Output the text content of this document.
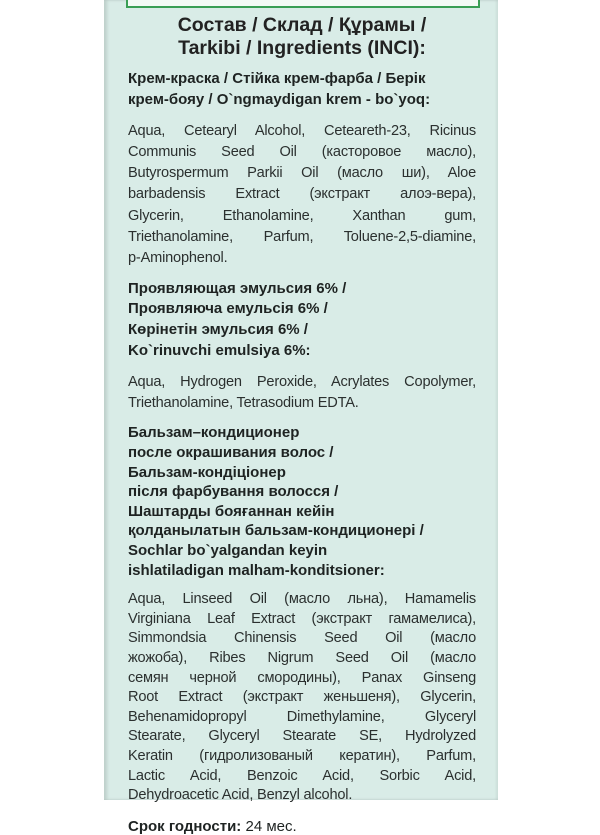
Состав / Склад / Құрамы /
Tarkibi / Ingredients (INCI):
Крем-краска / Стійка крем-фарба / Берік
крем-бояу / O`ngmaydigan krem - bo`yoq:
Aqua, Cetearyl Alcohol, Ceteareth-23, Ricinus
Communis Seed Oil (касторовое масло),
Butyrospermum Parkii Oil (масло ши), Aloe
barbadensis Extract (экстракт алоэ-вера),
Glycerin, Ethanolamine, Xanthan gum,
Triethanolamine, Parfum, Toluene-2,5-diamine,
p-Aminophenol.
Проявляющая эмульсия 6% /
Проявляюча емульсія 6% /
Көрінетін эмульсия 6% /
Ko`rinuvchi emulsiya 6%:
Aqua, Hydrogen Peroxide, Acrylates Copolymer,
Triethanolamine, Tetrasodium EDTA.
Бальзам–кондиционер
после окрашивания волос /
Бальзам-кондіціонер
після фарбування волосся /
Шаштарды бояғаннан кейін
қолданылатын бальзам-кондиционері /
Sochlar bo`yalgandan keyin
ishlatiladigan malham-konditsioner:
Aqua, Linseed Oil (масло льна), Hamamelis
Virginiana Leaf Extract (экстракт гамамелиса),
Simmondsia Chinensis Seed Oil (масло
жожоба), Ribes Nigrum Seed Oil (масло
семян черной смородины), Panax Ginseng
Root Extract (экстракт женьшеня), Glycerin,
Behenamidopropyl Dimethylamine, Glyceryl
Stearate, Glyceryl Stearate SE, Hydrolyzed
Keratin (гидролизованый кератин), Parfum,
Lactic Acid, Benzoic Acid, Sorbic Acid,
Dehydroacetic Acid, Benzyl alcohol.
Срок годности: 24 мес.
